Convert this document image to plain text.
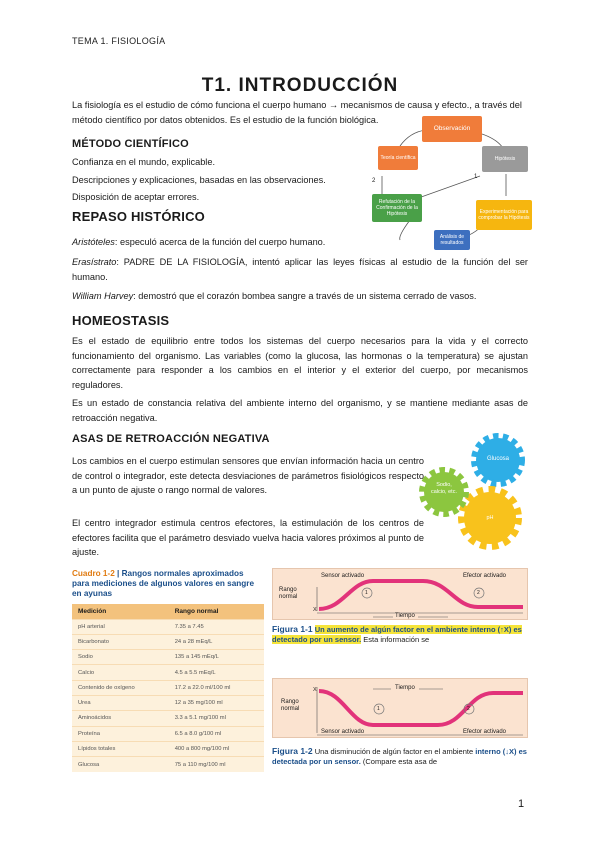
TEMA 1. FISIOLOGÍA
T1. INTRODUCCIÓN
La fisiología es el estudio de cómo funciona el cuerpo humano → mecanismos de causa y efecto., a través del método científico por datos obtenidos. Es el estudio de la función biológica.
MÉTODO CIENTÍFICO
Confianza en el mundo, explicable.
Descripciones y explicaciones, basadas en las observaciones.
Disposición de aceptar errores.
Observación
Hipótesis
Experimentación para comprobar la Hipótesis
Análisis de resultados
Refutación de la Confirmación de la Hipótesis
Teoría científica
2
1
REPASO HISTÓRICO
Aristóteles: especuló acerca de la función del cuerpo humano.
Erasístrato: PADRE DE LA FISIOLOGÍA, intentó aplicar las leyes físicas al estudio de la función del ser humano.
William Harvey: demostró que el corazón bombea sangre a través de un sistema cerrado de vasos.
HOMEOSTASIS
Es el estado de equilibrio entre todos los sistemas del cuerpo necesarios para la vida y el correcto funcionamiento del organismo. Las variables (como la glucosa, las hormonas o la temperatura) se ajustan correctamente para responder a los cambios en el interior y el exterior del cuerpo, por mecanismos reguladores.
Es un estado de constancia relativa del ambiente interno del organismo, y se mantiene mediante asas de retroacción negativa.
ASAS DE RETROACCIÓN NEGATIVA
Los cambios en el cuerpo estimulan sensores que envían información hacia un centro de control o integrador, este detecta desviaciones de parámetros fisiológicos respecto a un punto de ajuste o rango normal de valores.
El centro integrador estimula centros efectores, la estimulación de los centros de efectores facilita que el parámetro desviado vuelva hacia valores próximos al punto de ajuste.
Glucosa
Sodio, calcio, etc.
pH
Cuadro 1-2 | Rangos normales aproximados para mediciones de algunos valores en sangre en ayunas
Medición	Rango normal
pH arterial	7.35 a 7.45
Bicarbonato	24 a 28 mEq/L
Sodio	135 a 145 mEq/L
Calcio	4.5 a 5.5 mEq/L
Contenido de oxígeno	17.2 a 22.0 ml/100 ml
Urea	12 a 35 mg/100 ml
Aminoácidos	3.3 a 5.1 mg/100 ml
Proteína	6.5 a 8.0 g/100 ml
Lípidos totales	400 a 800 mg/100 ml
Glucosa	75 a 110 mg/100 ml
Sensor activado	Efector activado
Rango normal
X
Tiempo
1	2
Figura 1-1 Un aumento de algún factor en el ambiente interno (↑X) es detectado por un sensor. Esta información se
Tiempo
X
Rango normal
Sensor activado	Efector activado
1	2
Figura 1-2 Una disminución de algún factor en el ambiente interno (↓X) es detectada por un sensor. (Compare esta asa de
1
